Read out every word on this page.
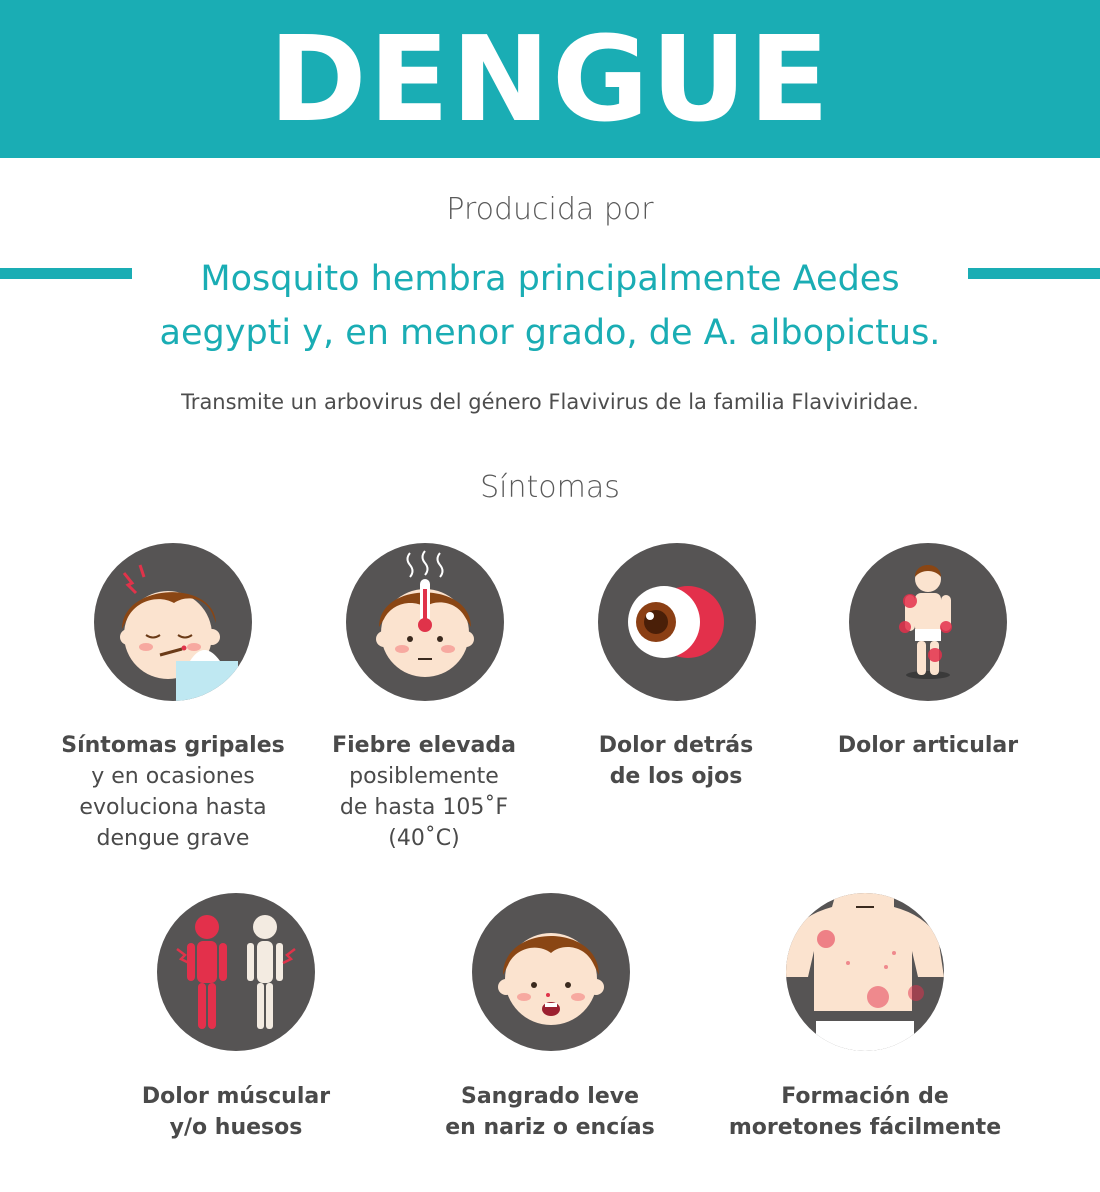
DENGUE
Producida por
Mosquito hembra principalmente Aedes
aegypti y, en menor grado, de A. albopictus.
Transmite un arbovirus del género Flavivirus de la familia Flaviviridae.
Síntomas
Síntomas gripales
y en ocasiones
evoluciona hasta
dengue grave
Fiebre elevada
posiblemente
de hasta 105˚F
(40˚C)
Dolor detrás
de los ojos
Dolor articular
Dolor múscular
y/o huesos
Sangrado leve
en nariz o encías
Formación de
moretones fácilmente
